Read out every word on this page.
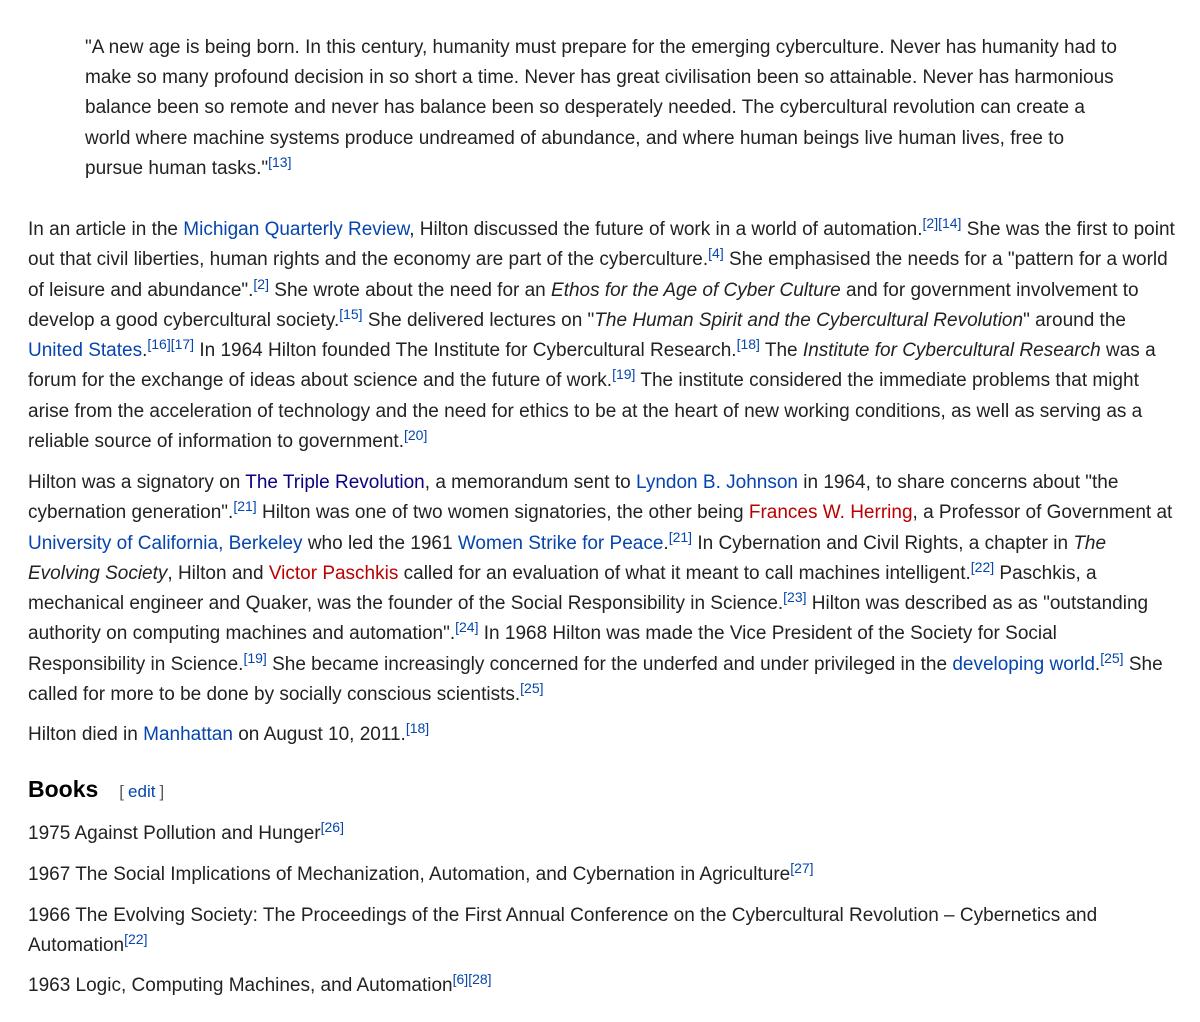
"A new age is being born. In this century, humanity must prepare for the emerging cyberculture. Never has humanity had to make so many profound decision in so short a time. Never has great civilisation been so attainable. Never has harmonious balance been so remote and never has balance been so desperately needed. The cybercultural revolution can create a world where machine systems produce undreamed of abundance, and where human beings live human lives, free to pursue human tasks."[13]

In an article in the Michigan Quarterly Review, Hilton discussed the future of work in a world of automation.[2][14] She was the first to point out that civil liberties, human rights and the economy are part of the cyberculture.[4] She emphasised the needs for a "pattern for a world of leisure and abundance".[2] She wrote about the need for an Ethos for the Age of Cyber Culture and for government involvement to develop a good cybercultural society.[15] She delivered lectures on "The Human Spirit and the Cybercultural Revolution" around the United States.[16][17] In 1964 Hilton founded The Institute for Cybercultural Research.[18] The Institute for Cybercultural Research was a forum for the exchange of ideas about science and the future of work.[19] The institute considered the immediate problems that might arise from the acceleration of technology and the need for ethics to be at the heart of new working conditions, as well as serving as a reliable source of information to government.[20]

Hilton was a signatory on The Triple Revolution, a memorandum sent to Lyndon B. Johnson in 1964, to share concerns about "the cybernation generation".[21] Hilton was one of two women signatories, the other being Frances W. Herring, a Professor of Government at University of California, Berkeley who led the 1961 Women Strike for Peace.[21] In Cybernation and Civil Rights, a chapter in The Evolving Society, Hilton and Victor Paschkis called for an evaluation of what it meant to call machines intelligent.[22] Paschkis, a mechanical engineer and Quaker, was the founder of the Social Responsibility in Science.[23] Hilton was described as as "outstanding authority on computing machines and automation".[24] In 1968 Hilton was made the Vice President of the Society for Social Responsibility in Science.[19] She became increasingly concerned for the underfed and under privileged in the developing world.[25] She called for more to be done by socially conscious scientists.[25]

Hilton died in Manhattan on August 10, 2011.[18]

Books [ edit ]

1975 Against Pollution and Hunger[26]

1967 The Social Implications of Mechanization, Automation, and Cybernation in Agriculture[27]

1966 The Evolving Society: The Proceedings of the First Annual Conference on the Cybercultural Revolution – Cybernetics and Automation[22]

1963 Logic, Computing Machines, and Automation[6][28]
